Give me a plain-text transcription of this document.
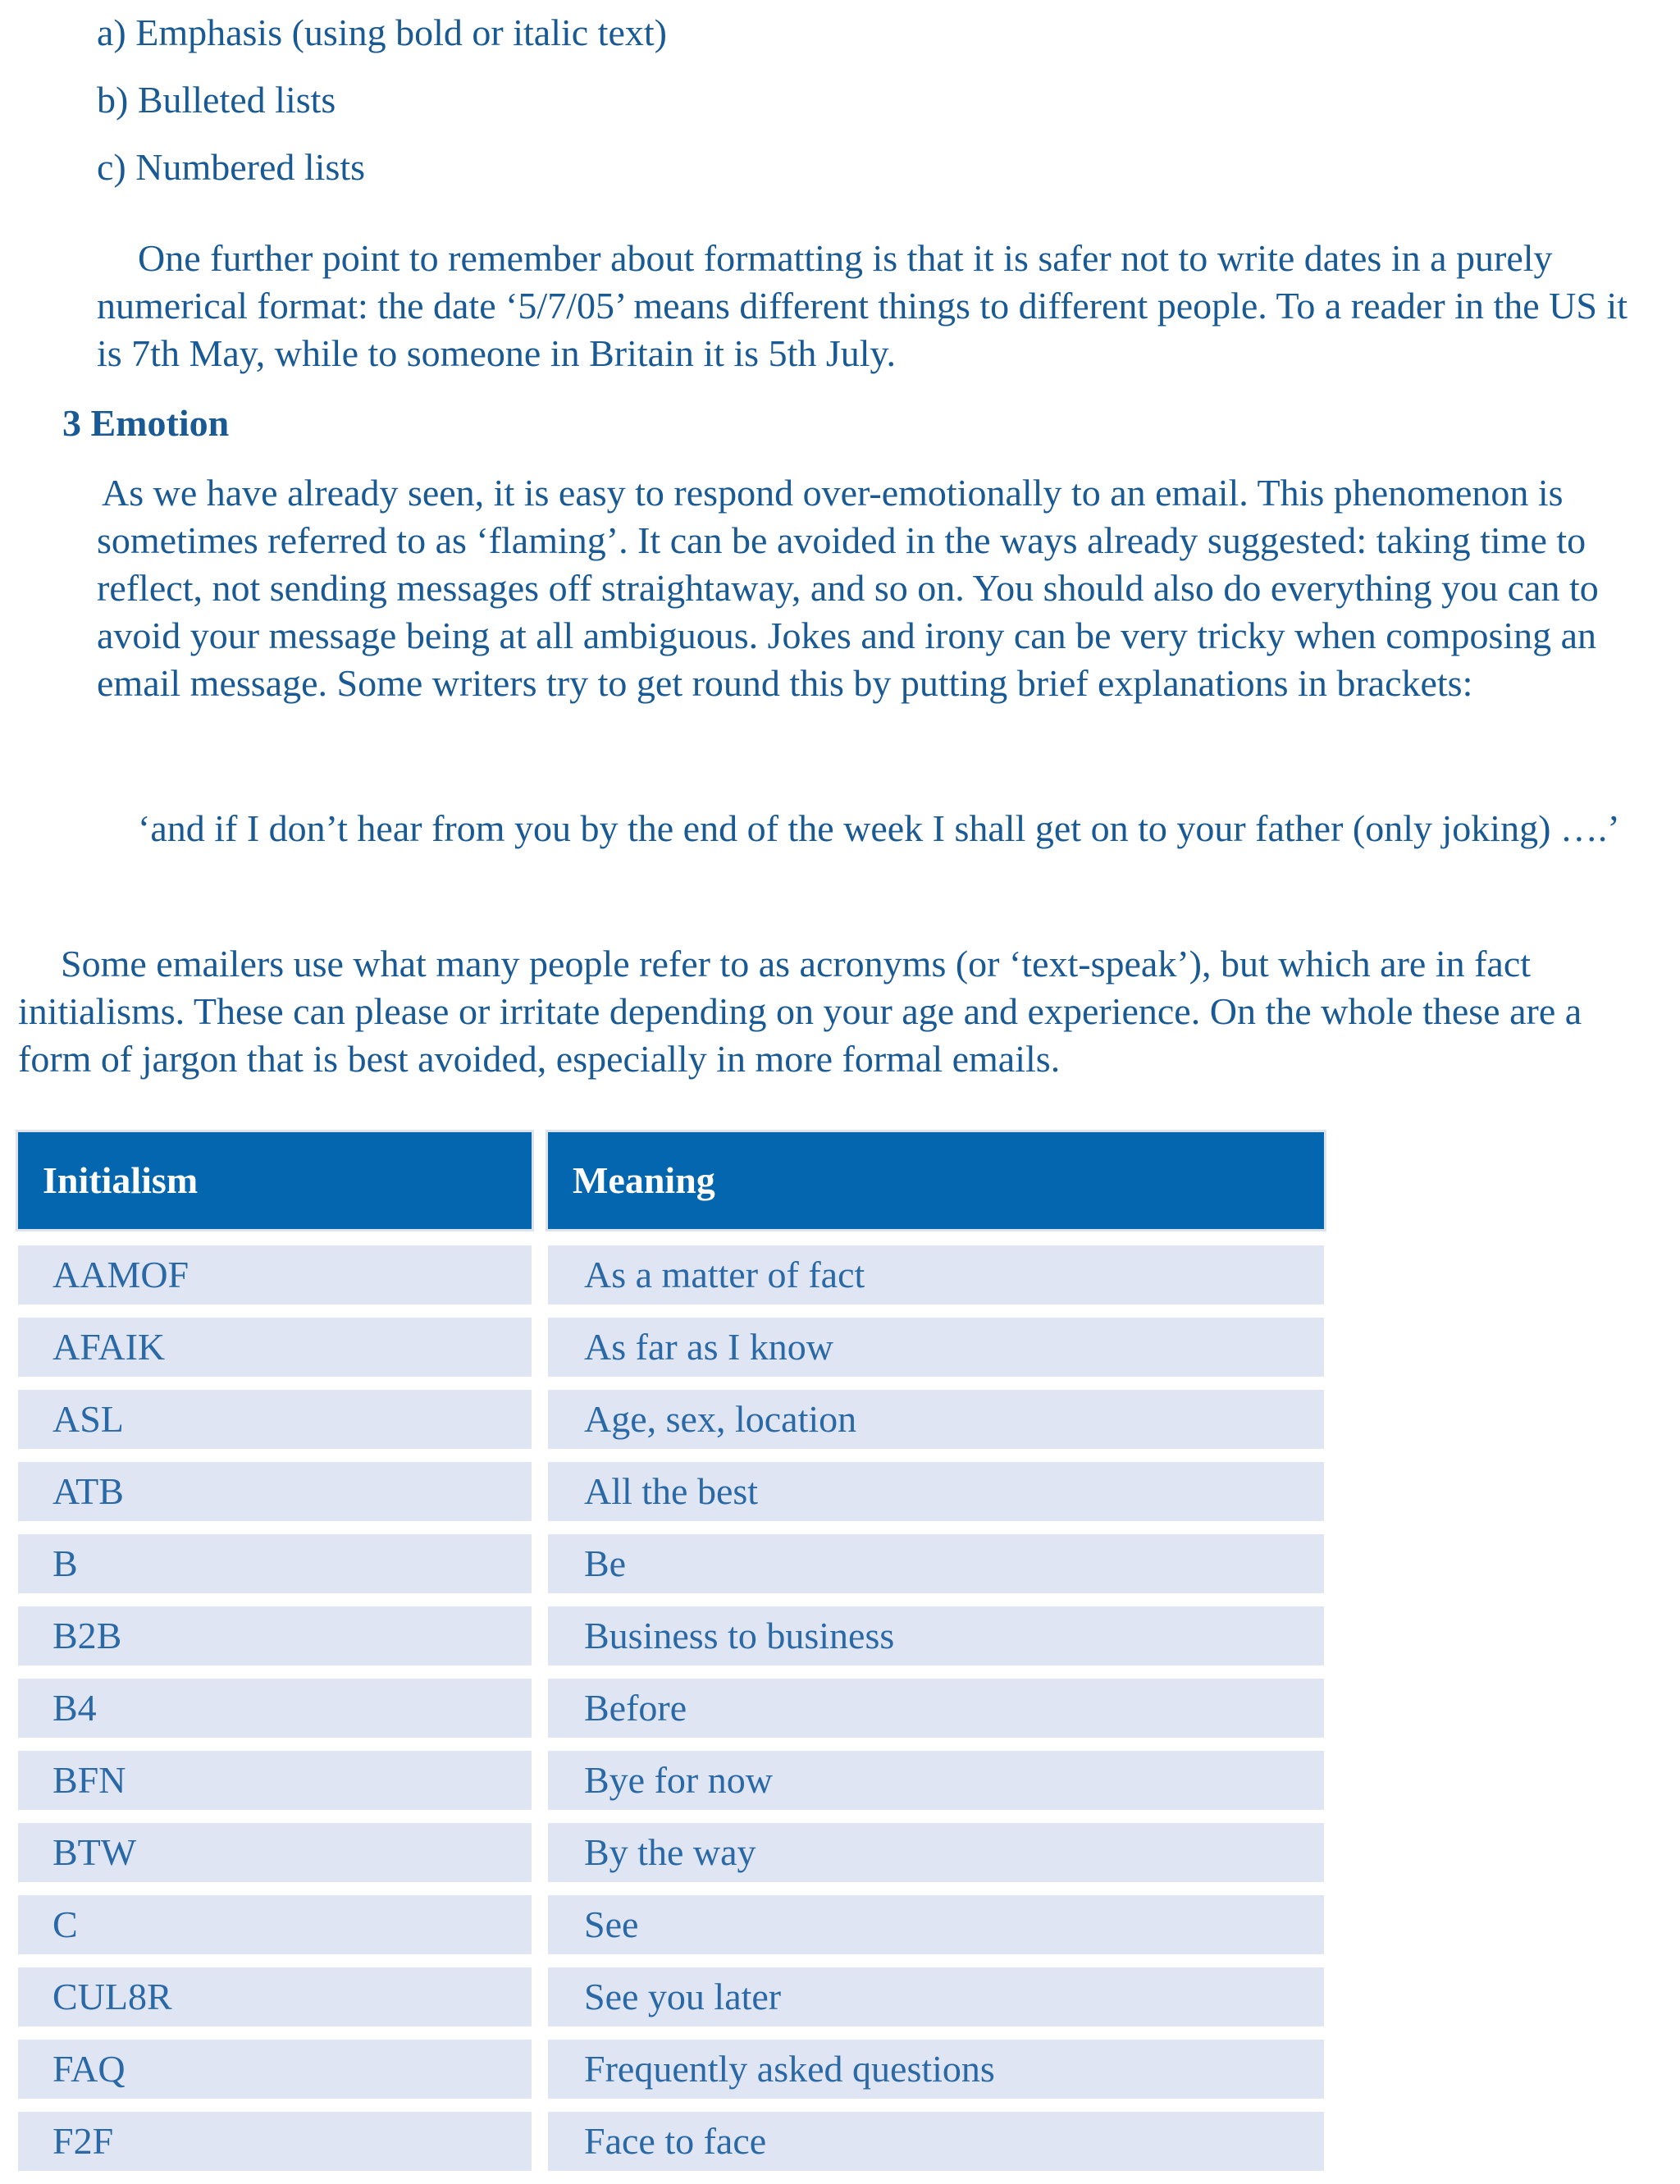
a) Emphasis (using bold or italic text)
b) Bulleted lists
c) Numbered lists

One further point to remember about formatting is that it is safer not to write dates in a purely numerical format: the date ‘5/7/05’ means different things to different people. To a reader in the US it is 7th May, while to someone in Britain it is 5th July.

3 Emotion

As we have already seen, it is easy to respond over-emotionally to an email. This phenomenon is sometimes referred to as ‘flaming’. It can be avoided in the ways already suggested: taking time to reflect, not sending messages off straightaway, and so on. You should also do everything you can to avoid your message being at all ambiguous. Jokes and irony can be very tricky when composing an email message. Some writers try to get round this by putting brief explanations in brackets:

‘and if I don’t hear from you by the end of the week I shall get on to your father (only joking) ….’

Some emailers use what many people refer to as acronyms (or ‘text-speak’), but which are in fact initialisms. These can please or irritate depending on your age and experience. On the whole these are a form of jargon that is best avoided, especially in more formal emails.

Initialism	Meaning
AAMOF	As a matter of fact
AFAIK	As far as I know
ASL	Age, sex, location
ATB	All the best
B	Be
B2B	Business to business
B4	Before
BFN	Bye for now
BTW	By the way
C	See
CUL8R	See you later
FAQ	Frequently asked questions
F2F	Face to face
